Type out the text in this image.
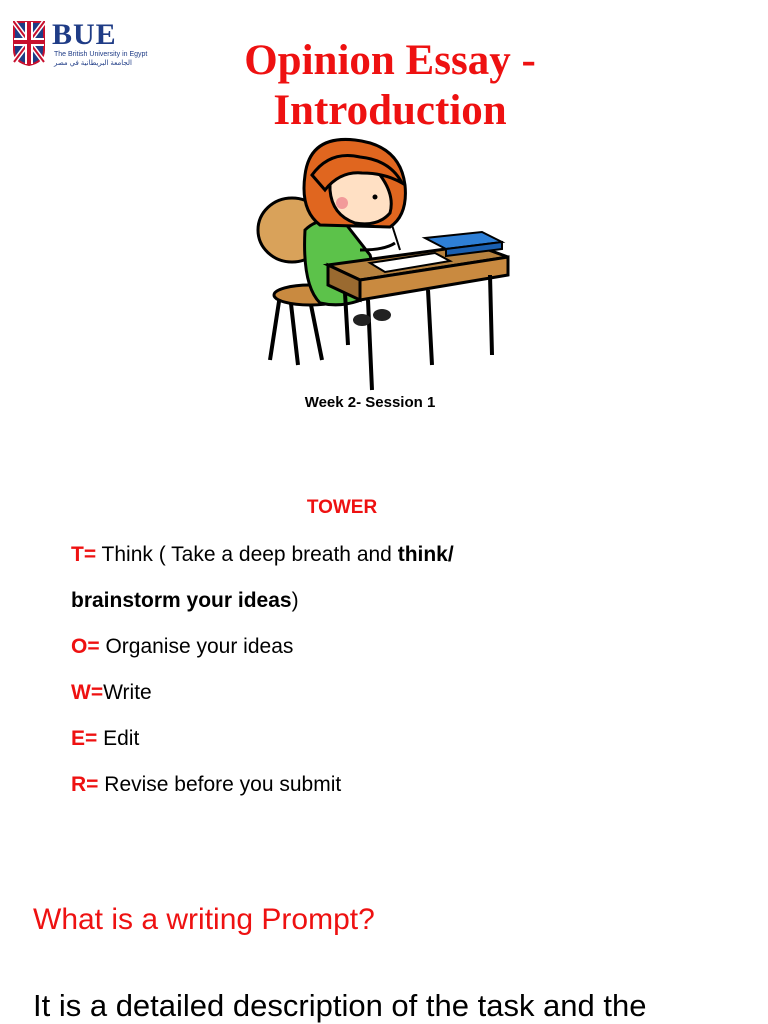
BUE
The British University in Egypt
الجامعة البريطانية في مصر	Opinion Essay -
Introduction
Week 2- Session 1
TOWER
T= Think ( Take a deep breath and think/
brainstorm your ideas)
O= Organise your ideas
W=Write
E= Edit
R= Revise before you submit
What is a writing Prompt?
It is a detailed description of the task and the
